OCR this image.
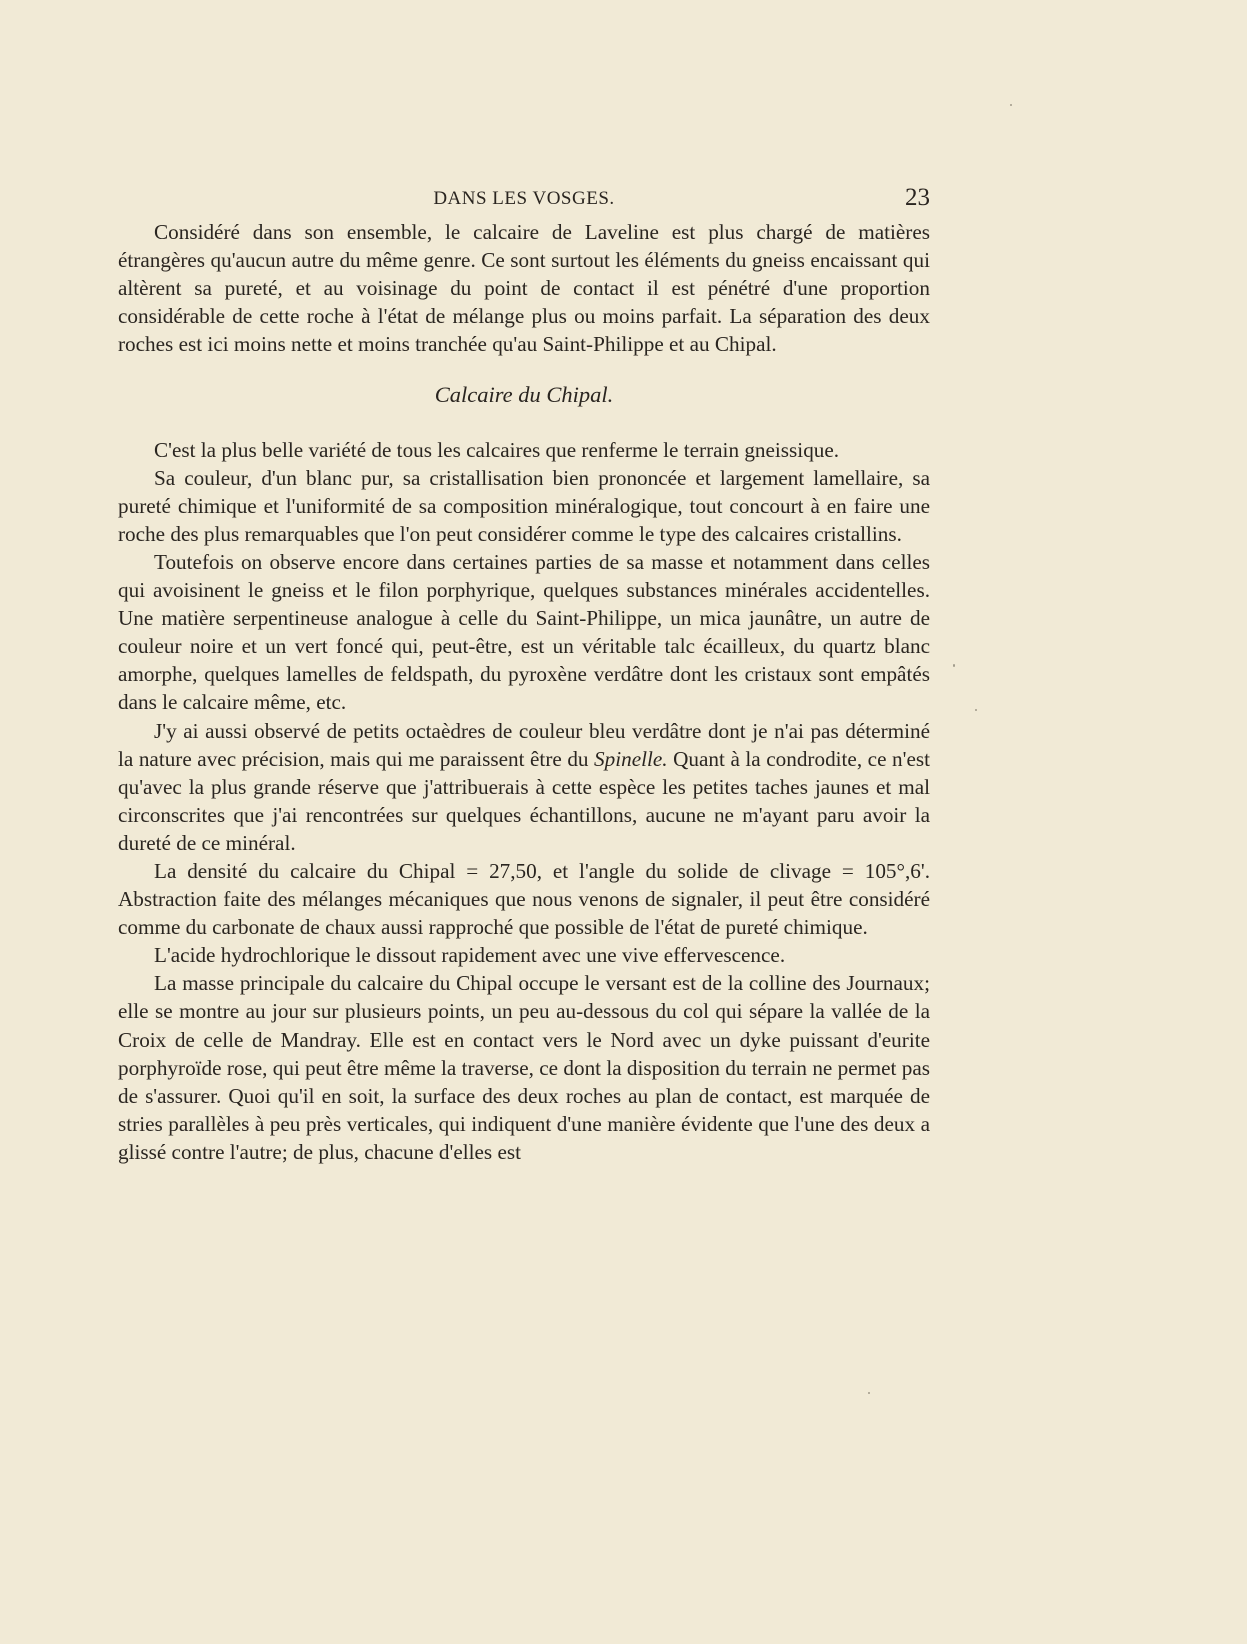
DANS LES VOSGES.	23

Considéré dans son ensemble, le calcaire de Laveline est plus chargé de matières étrangères qu'aucun autre du même genre. Ce sont surtout les éléments du gneiss encaissant qui altèrent sa pureté, et au voisinage du point de contact il est pénétré d'une proportion considérable de cette roche à l'état de mélange plus ou moins parfait. La séparation des deux roches est ici moins nette et moins tranchée qu'au Saint-Philippe et au Chipal.

Calcaire du Chipal.

C'est la plus belle variété de tous les calcaires que renferme le terrain gneissique.

Sa couleur, d'un blanc pur, sa cristallisation bien prononcée et largement lamellaire, sa pureté chimique et l'uniformité de sa composition minéralogique, tout concourt à en faire une roche des plus remarquables que l'on peut considérer comme le type des calcaires cristallins.

Toutefois on observe encore dans certaines parties de sa masse et notamment dans celles qui avoisinent le gneiss et le filon porphyrique, quelques substances minérales accidentelles. Une matière serpentineuse analogue à celle du Saint-Philippe, un mica jaunâtre, un autre de couleur noire et un vert foncé qui, peut-être, est un véritable talc écailleux, du quartz blanc amorphe, quelques lamelles de feldspath, du pyroxène verdâtre dont les cristaux sont empâtés dans le calcaire même, etc.

J'y ai aussi observé de petits octaèdres de couleur bleu verdâtre dont je n'ai pas déterminé la nature avec précision, mais qui me paraissent être du Spinelle. Quant à la condrodite, ce n'est qu'avec la plus grande réserve que j'attribuerais à cette espèce les petites taches jaunes et mal circonscrites que j'ai rencontrées sur quelques échantillons, aucune ne m'ayant paru avoir la dureté de ce minéral.

La densité du calcaire du Chipal = 27,50, et l'angle du solide de clivage = 105°,6'. Abstraction faite des mélanges mécaniques que nous venons de signaler, il peut être considéré comme du carbonate de chaux aussi rapproché que possible de l'état de pureté chimique.

L'acide hydrochlorique le dissout rapidement avec une vive effervescence.

La masse principale du calcaire du Chipal occupe le versant est de la colline des Journaux; elle se montre au jour sur plusieurs points, un peu au-dessous du col qui sépare la vallée de la Croix de celle de Mandray. Elle est en contact vers le Nord avec un dyke puissant d'eurite porphyroïde rose, qui peut être même la traverse, ce dont la disposition du terrain ne permet pas de s'assurer. Quoi qu'il en soit, la surface des deux roches au plan de contact, est marquée de stries parallèles à peu près verticales, qui indiquent d'une manière évidente que l'une des deux a glissé contre l'autre; de plus, chacune d'elles est
